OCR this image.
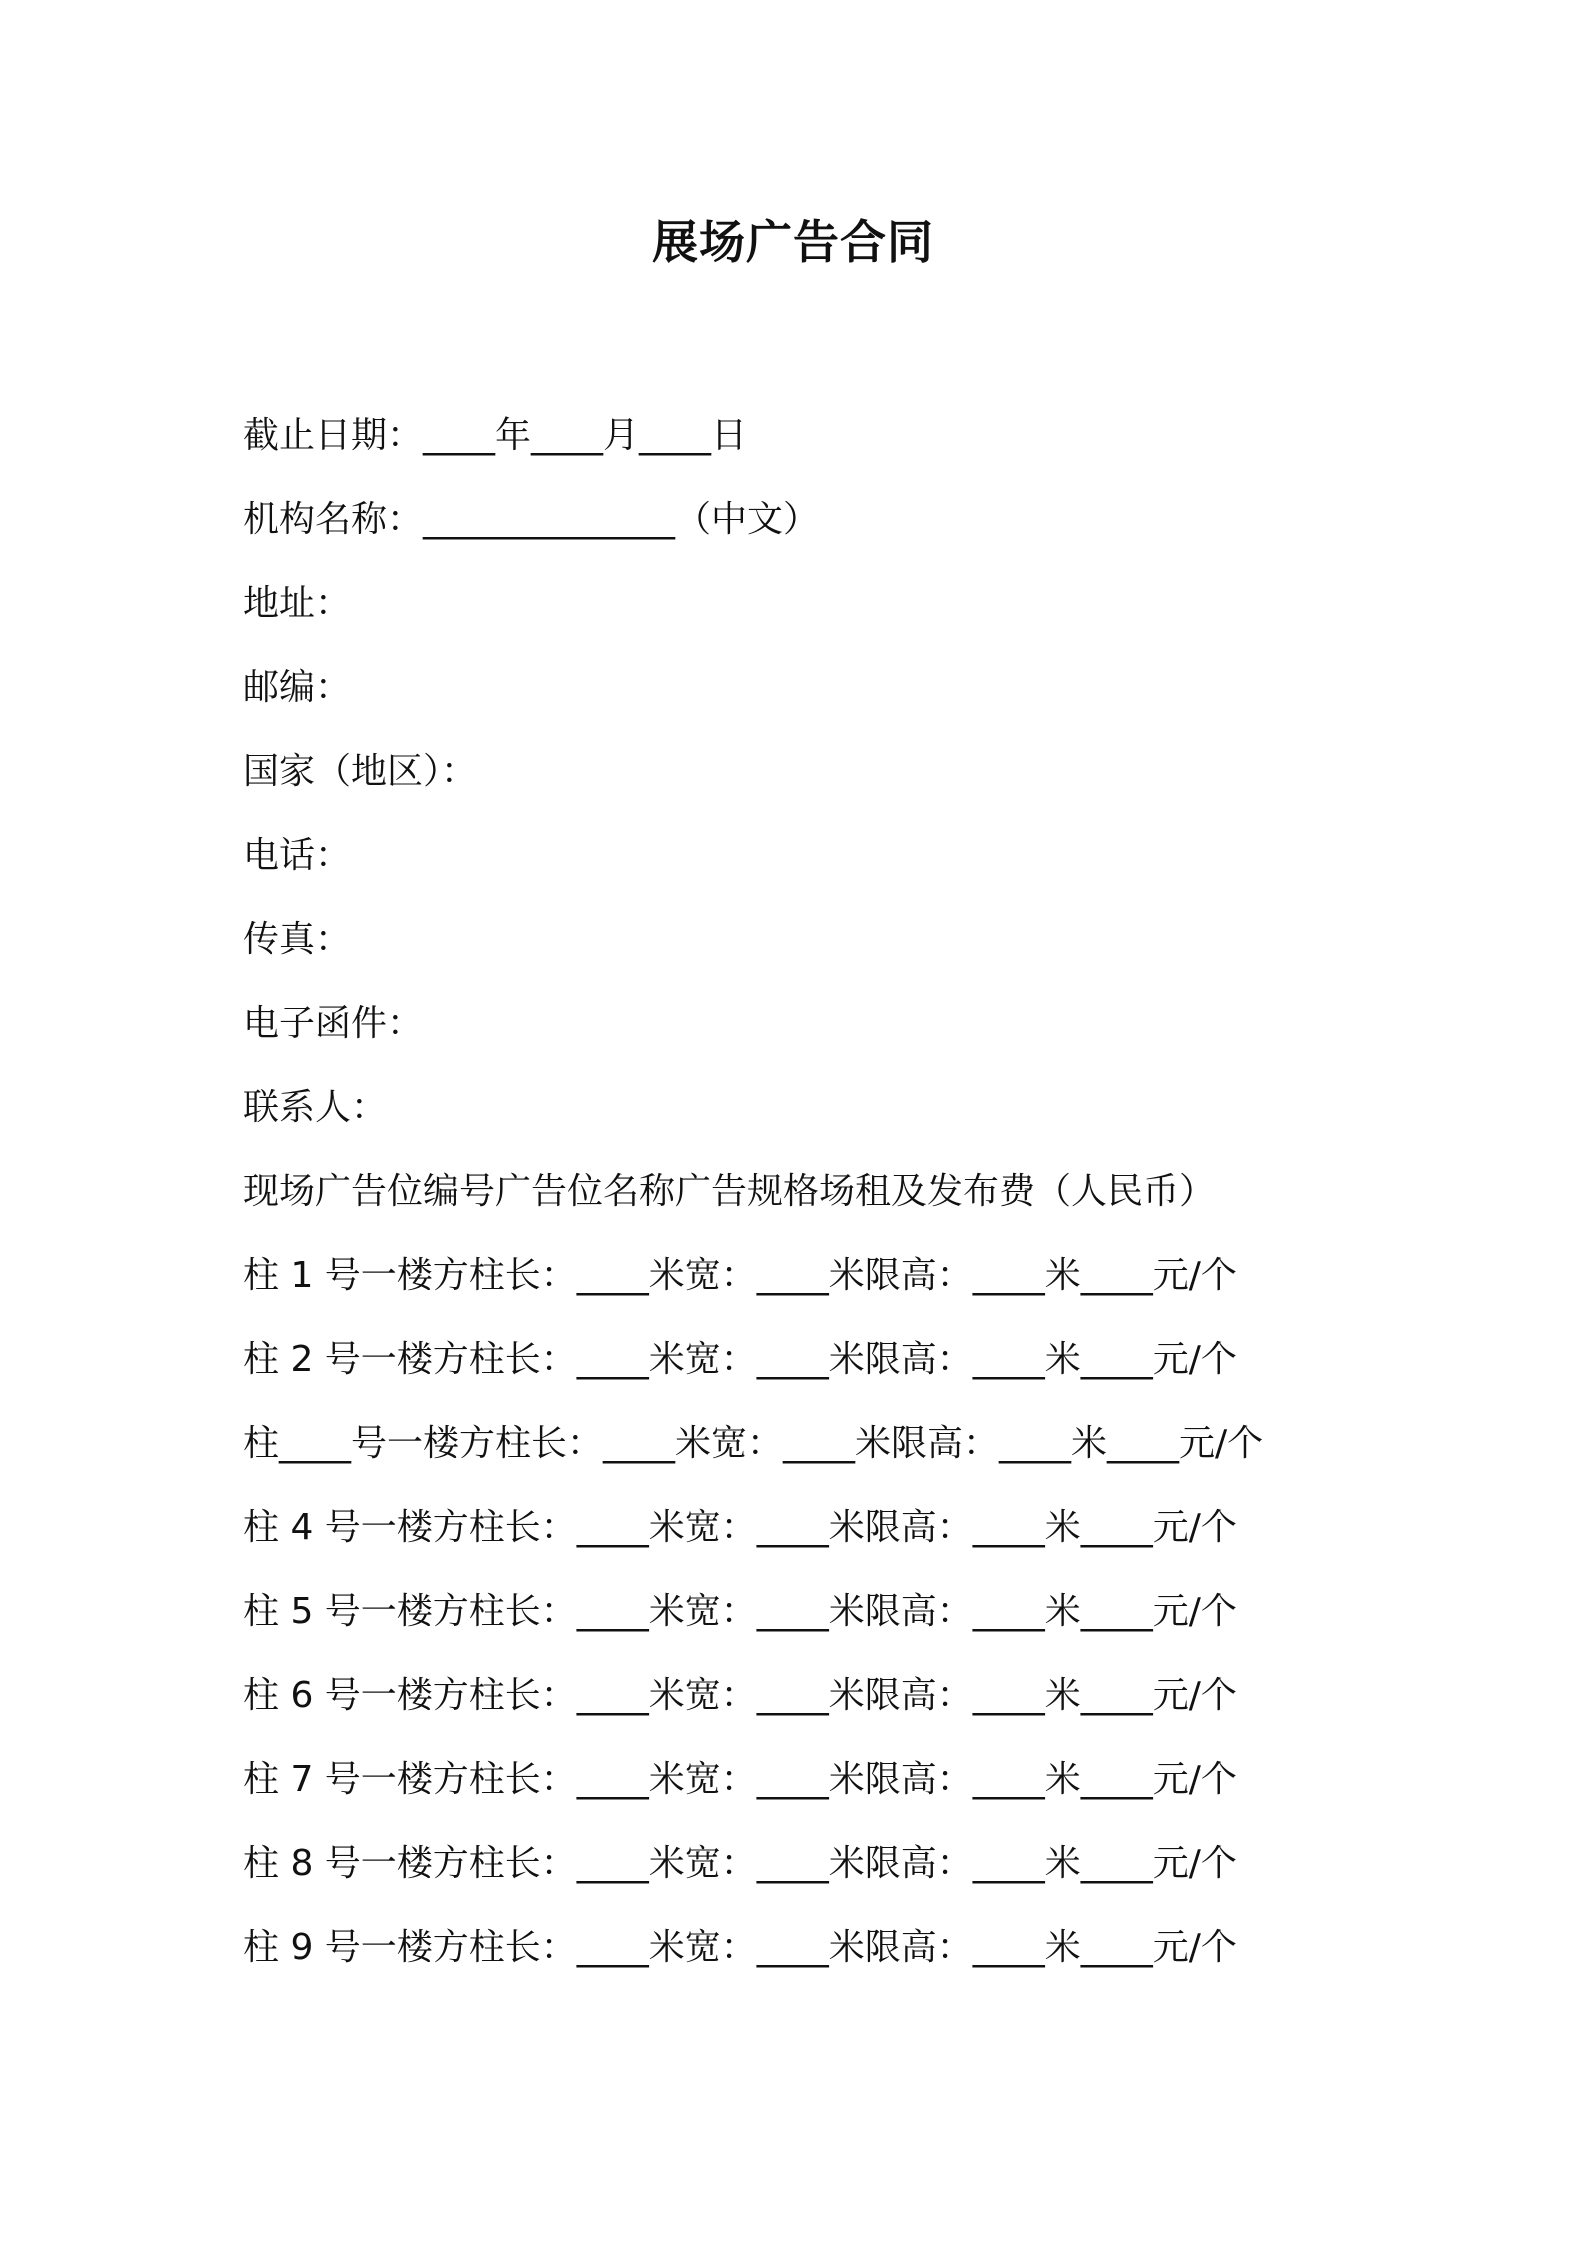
展场广告合同
截止日期：____年____月____日
机构名称：______________（中文）
地址：
邮编：
国家（地区）：
电话：
传真：
电子函件：
联系人：
现场广告位编号广告位名称广告规格场租及发布费（人民币）
柱 1 号一楼方柱长：____米宽：____米限高：____米____元/个
柱 2 号一楼方柱长：____米宽：____米限高：____米____元/个
柱____号一楼方柱长：____米宽：____米限高：____米____元/个
柱 4 号一楼方柱长：____米宽：____米限高：____米____元/个
柱 5 号一楼方柱长：____米宽：____米限高：____米____元/个
柱 6 号一楼方柱长：____米宽：____米限高：____米____元/个
柱 7 号一楼方柱长：____米宽：____米限高：____米____元/个
柱 8 号一楼方柱长：____米宽：____米限高：____米____元/个
柱 9 号一楼方柱长：____米宽：____米限高：____米____元/个
